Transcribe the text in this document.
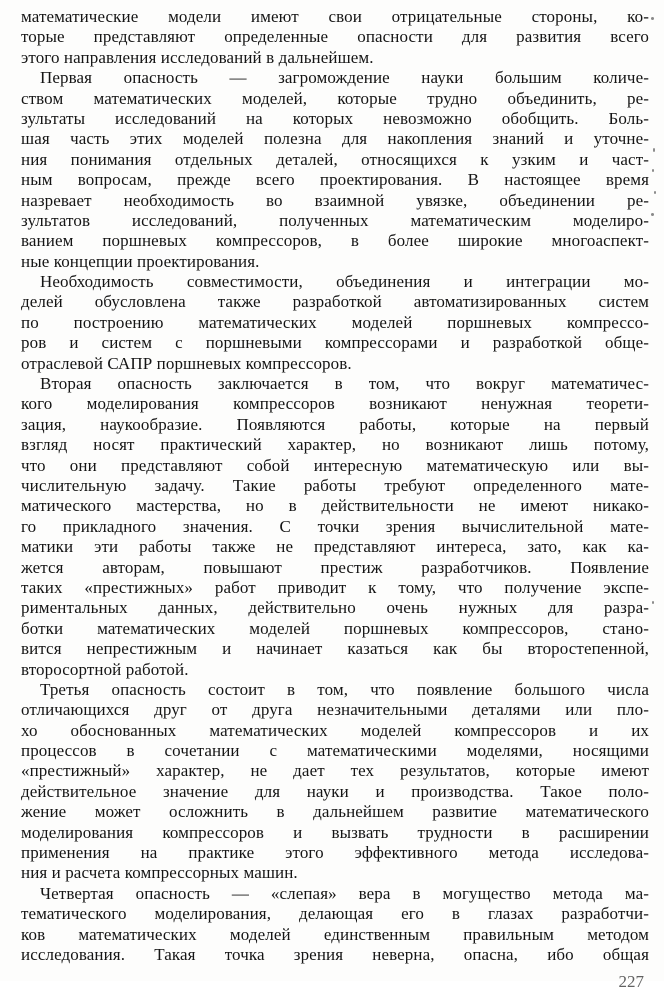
математические модели имеют свои отрицательные стороны, ко-
торые представляют определенные опасности для развития всего
этого направления исследований в дальнейшем.
Первая опасность — загромождение науки большим количе-
ством математических моделей, которые трудно объединить, ре-
зультаты исследований на которых невозможно обобщить. Боль-
шая часть этих моделей полезна для накопления знаний и уточне-
ния понимания отдельных деталей, относящихся к узким и част-
ным вопросам, прежде всего проектирования. В настоящее время
назревает необходимость во взаимной увязке, объединении ре-
зультатов исследований, полученных математическим моделиро-
ванием поршневых компрессоров, в более широкие многоаспект-
ные концепции проектирования.
Необходимость совместимости, объединения и интеграции мо-
делей обусловлена также разработкой автоматизированных систем
по построению математических моделей поршневых компрессо-
ров и систем с поршневыми компрессорами и разработкой обще-
отраслевой САПР поршневых компрессоров.
Вторая опасность заключается в том, что вокруг математичес-
кого моделирования компрессоров возникают ненужная теорети-
зация, наукообразие. Появляются работы, которые на первый
взгляд носят практический характер, но возникают лишь потому,
что они представляют собой интересную математическую или вы-
числительную задачу. Такие работы требуют определенного мате-
матического мастерства, но в действительности не имеют никако-
го прикладного значения. С точки зрения вычислительной мате-
матики эти работы также не представляют интереса, зато, как ка-
жется авторам, повышают престиж разработчиков. Появление
таких «престижных» работ приводит к тому, что получение экспе-
риментальных данных, действительно очень нужных для разра-
ботки математических моделей поршневых компрессоров, стано-
вится непрестижным и начинает казаться как бы второстепенной,
второсортной работой.
Третья опасность состоит в том, что появление большого числа
отличающихся друг от друга незначительными деталями или пло-
хо обоснованных математических моделей компрессоров и их
процессов в сочетании с математическими моделями, носящими
«престижный» характер, не дает тех результатов, которые имеют
действительное значение для науки и производства. Такое поло-
жение может осложнить в дальнейшем развитие математического
моделирования компрессоров и вызвать трудности в расширении
применения на практике этого эффективного метода исследова-
ния и расчета компрессорных машин.
Четвертая опасность — «слепая» вера в могущество метода ма-
тематического моделирования, делающая его в глазах разработчи-
ков математических моделей единственным правильным методом
исследования. Такая точка зрения неверна, опасна, ибо общая
227
